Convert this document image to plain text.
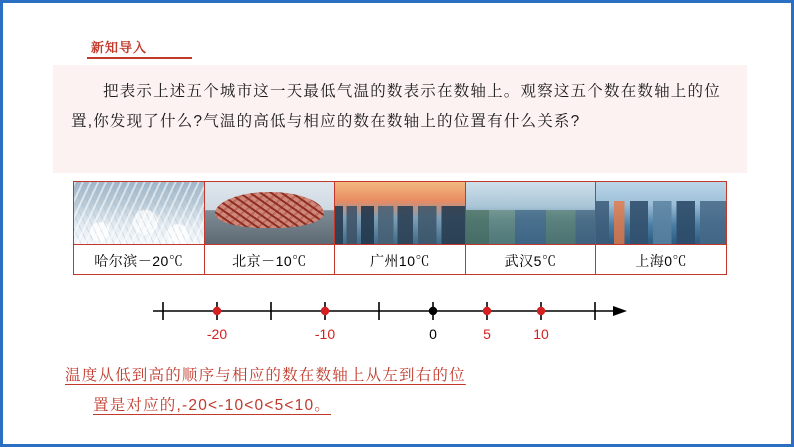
新知导入
把表示上述五个城市这一天最低气温的数表示在数轴上。观察这五个数在数轴上的位置,你发现了什么?气温的高低与相应的数在数轴上的位置有什么关系?
哈尔滨－20℃	北京－10℃	广州10℃	武汉5℃	上海0℃
-20	-10	0	5	10
温度从低到高的顺序与相应的数在数轴上从左到右的位
置是对应的,-20<-10<0<5<10。
